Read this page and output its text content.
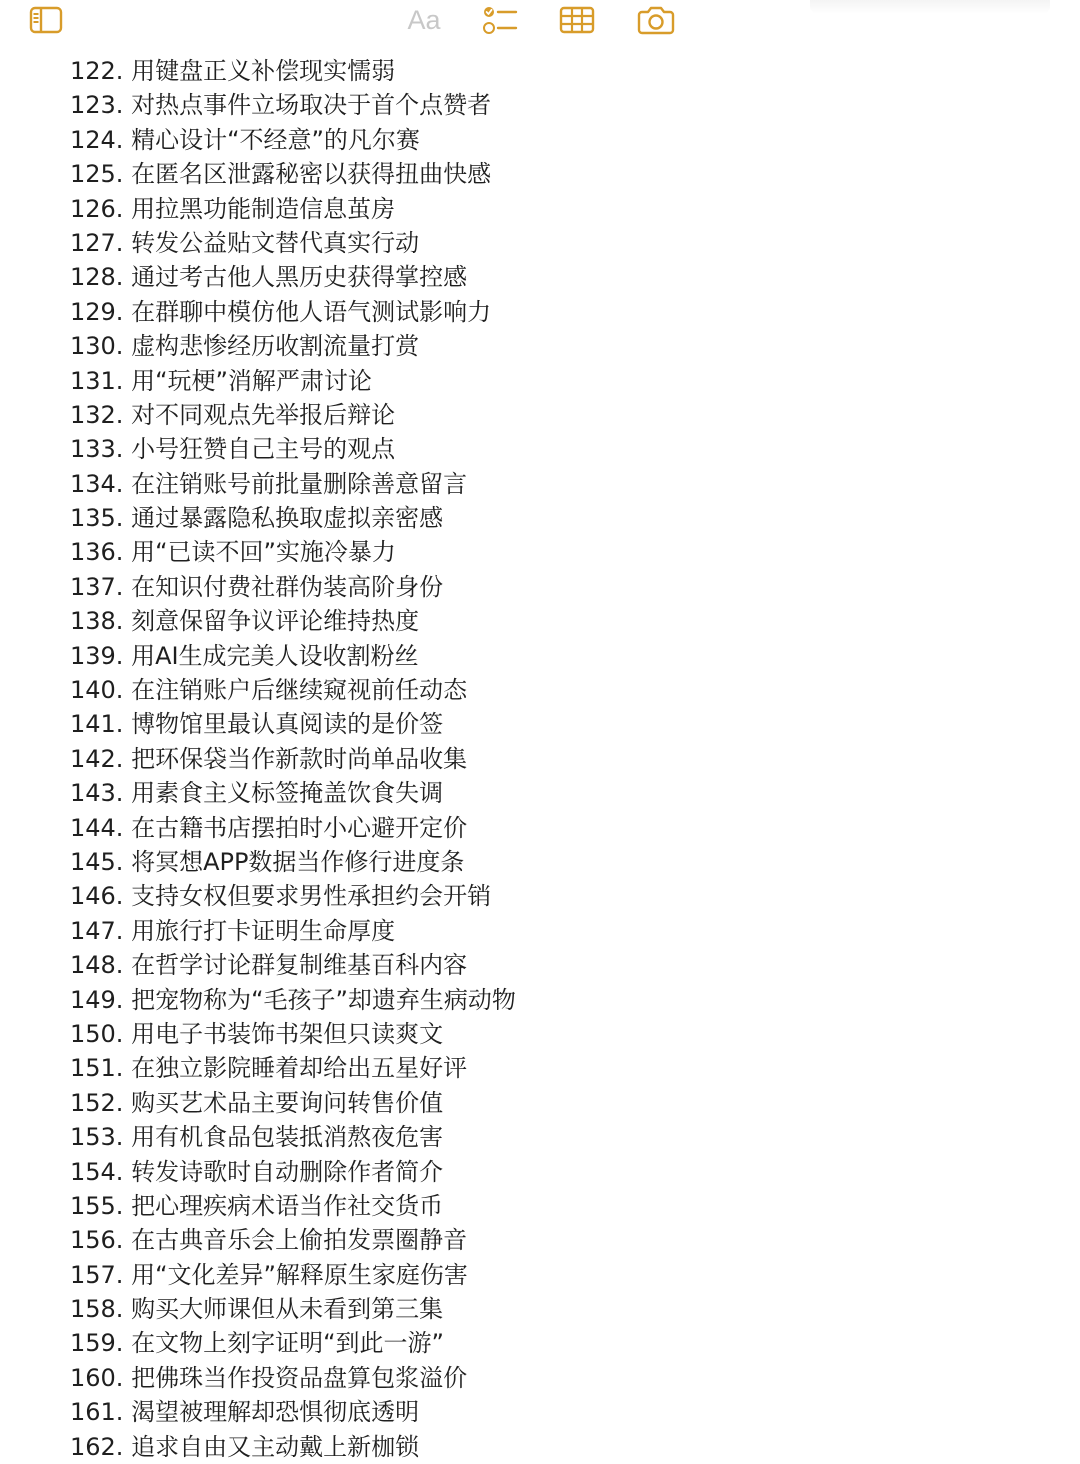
Aa
122. 用键盘正义补偿现实懦弱
123. 对热点事件立场取决于首个点赞者
124. 精心设计“不经意”的凡尔赛
125. 在匿名区泄露秘密以获得扭曲快感
126. 用拉黑功能制造信息茧房
127. 转发公益贴文替代真实行动
128. 通过考古他人黑历史获得掌控感
129. 在群聊中模仿他人语气测试影响力
130. 虚构悲惨经历收割流量打赏
131. 用“玩梗”消解严肃讨论
132. 对不同观点先举报后辩论
133. 小号狂赞自己主号的观点
134. 在注销账号前批量删除善意留言
135. 通过暴露隐私换取虚拟亲密感
136. 用“已读不回”实施冷暴力
137. 在知识付费社群伪装高阶身份
138. 刻意保留争议评论维持热度
139. 用AI生成完美人设收割粉丝
140. 在注销账户后继续窥视前任动态
141. 博物馆里最认真阅读的是价签
142. 把环保袋当作新款时尚单品收集
143. 用素食主义标签掩盖饮食失调
144. 在古籍书店摆拍时小心避开定价
145. 将冥想APP数据当作修行进度条
146. 支持女权但要求男性承担约会开销
147. 用旅行打卡证明生命厚度
148. 在哲学讨论群复制维基百科内容
149. 把宠物称为“毛孩子”却遗弃生病动物
150. 用电子书装饰书架但只读爽文
151. 在独立影院睡着却给出五星好评
152. 购买艺术品主要询问转售价值
153. 用有机食品包装抵消熬夜危害
154. 转发诗歌时自动删除作者简介
155. 把心理疾病术语当作社交货币
156. 在古典音乐会上偷拍发票圈静音
157. 用“文化差异”解释原生家庭伤害
158. 购买大师课但从未看到第三集
159. 在文物上刻字证明“到此一游”
160. 把佛珠当作投资品盘算包浆溢价
161. 渴望被理解却恐惧彻底透明
162. 追求自由又主动戴上新枷锁
